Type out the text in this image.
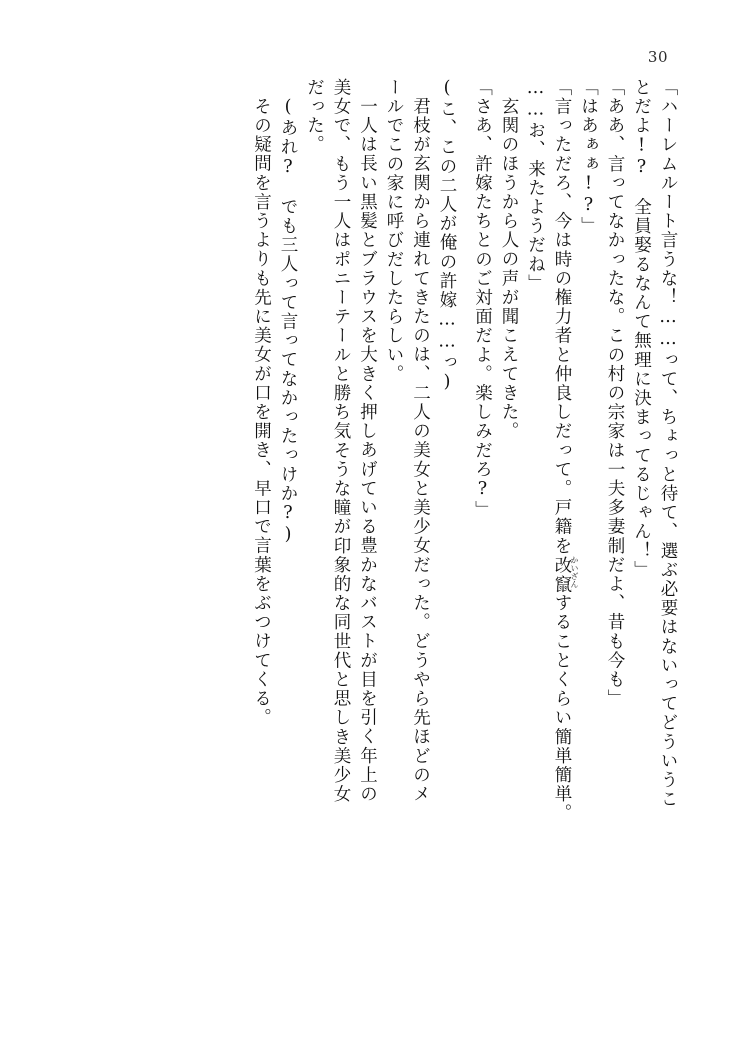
30
「ハーレムルート言うな！……って、ちょっと待て、選ぶ必要はないってどういうこ
とだよ!?　全員娶るなんて無理に決まってるじゃん！」
「ああ、言ってなかったな。この村の宗家は一夫多妻制だよ、昔も今も」
「はあぁぁ!?」
「言っただろ、今は時の権力者と仲良しだって。戸籍を改竄
かいざん
することくらい簡単簡単。
……お、来たようだね」
玄関のほうから人の声が聞こえてきた。
「さあ、許嫁たちとのご対面だよ。楽しみだろ?」
(こ、この二人が俺の許嫁……っ)
君枝が玄関から連れてきたのは、二人の美女と美少女だった。どうやら先ほどのメ
ールでこの家に呼びだしたらしい。
一人は長い黒髪とブラウスを大きく押しあげている豊かなバストが目を引く年上の
美女で、もう一人はポニーテールと勝ち気そうな瞳が印象的な同世代と思しき美少女
だった。
(あれ?　でも三人って言ってなかったっけか?)
その疑問を言うよりも先に美女が口を開き、早口で言葉をぶつけてくる。
